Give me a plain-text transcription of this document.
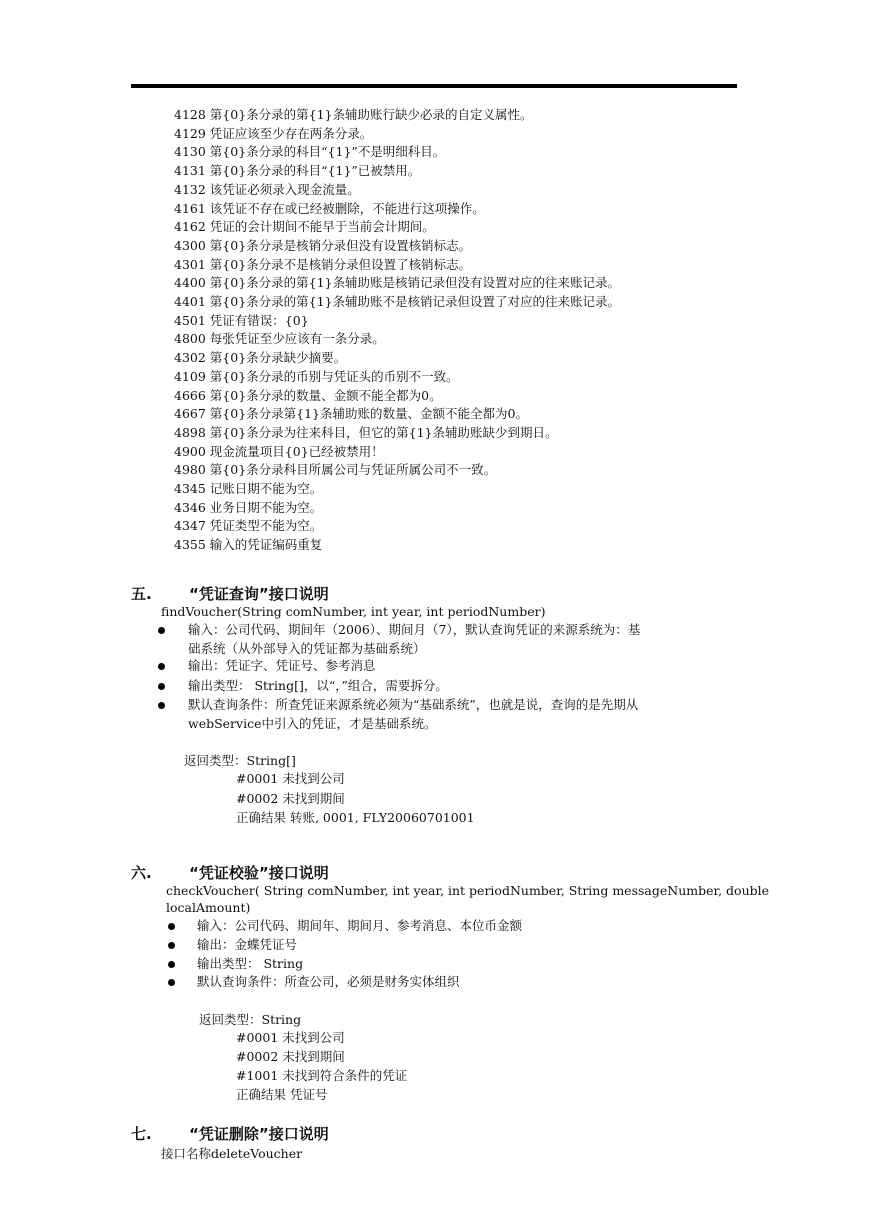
4128 第{0}条分录的第{1}条辅助账行缺少必录的自定义属性。
4129 凭证应该至少存在两条分录。
4130 第{0}条分录的科目“{1}”不是明细科目。
4131 第{0}条分录的科目“{1}”已被禁用。
4132 该凭证必须录入现金流量。
4161 该凭证不存在或已经被删除，不能进行这项操作。
4162 凭证的会计期间不能早于当前会计期间。
4300 第{0}条分录是核销分录但没有设置核销标志。
4301 第{0}条分录不是核销分录但设置了核销标志。
4400 第{0}条分录的第{1}条辅助账是核销记录但没有设置对应的往来账记录。
4401 第{0}条分录的第{1}条辅助账不是核销记录但设置了对应的往来账记录。
4501 凭证有错误：{0}
4800 每张凭证至少应该有一条分录。
4302 第{0}条分录缺少摘要。
4109 第{0}条分录的币别与凭证头的币别不一致。
4666 第{0}条分录的数量、金额不能全都为0。
4667 第{0}条分录第{1}条辅助账的数量、金额不能全都为0。
4898 第{0}条分录为往来科目，但它的第{1}条辅助账缺少到期日。
4900 现金流量项目{0}已经被禁用！
4980 第{0}条分录科目所属公司与凭证所属公司不一致。
4345 记账日期不能为空。
4346 业务日期不能为空。
4347 凭证类型不能为空。
4355 输入的凭证编码重复
五. “凭证查询”接口说明
findVoucher(String comNumber, int year, int periodNumber)
输入：公司代码、期间年（2006）、期间月（7），默认查询凭证的来源系统为：基
础系统（从外部导入的凭证都为基础系统）
输出：凭证字、凭证号、参考消息
输出类型： String[]，以“，”组合，需要拆分。
默认查询条件：所查凭证来源系统必须为“基础系统”，也就是说，查询的是先期从
webService中引入的凭证，才是基础系统。
返回类型：String[]
#0001 未找到公司
#0002 未找到期间
正确结果 转账, 0001, FLY20060701001
六. “凭证校验”接口说明
checkVoucher( String comNumber, int year, int periodNumber, String messageNumber, double
localAmount)
输入：公司代码、期间年、期间月、参考消息、本位币金额
输出：金蝶凭证号
输出类型： String
默认查询条件：所查公司，必须是财务实体组织
返回类型：String
#0001 未找到公司
#0002 未找到期间
#1001 未找到符合条件的凭证
正确结果 凭证号
七. “凭证删除”接口说明
接口名称deleteVoucher
